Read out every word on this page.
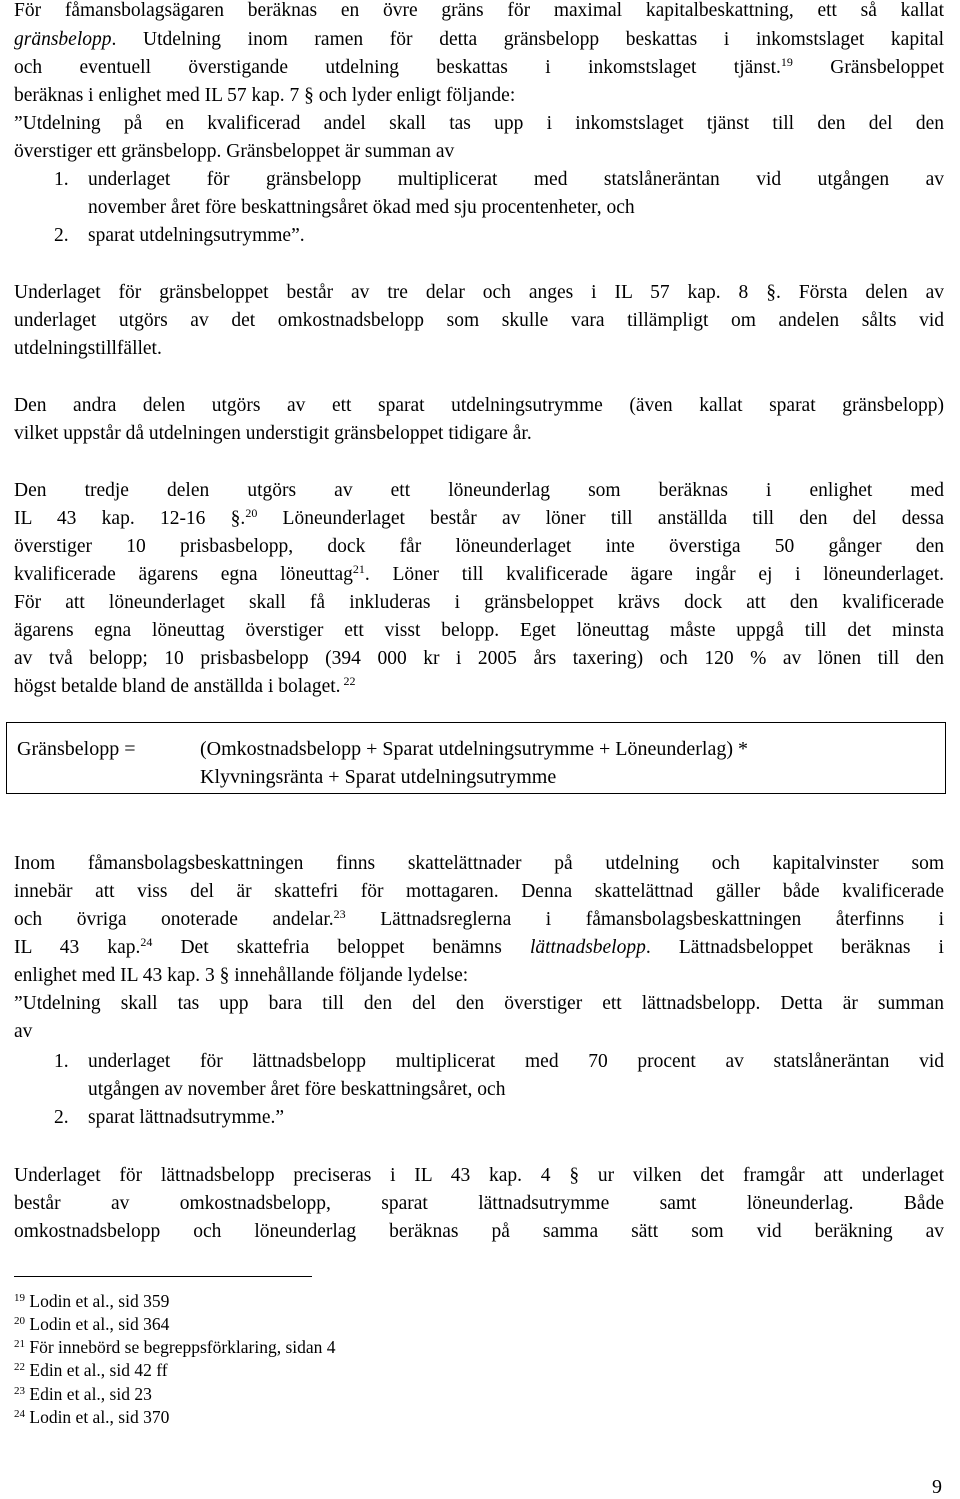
För fåmansbolagsägaren beräknas en övre gräns för maximal kapitalbeskattning, ett så kallat
gränsbelopp. Utdelning inom ramen för detta gränsbelopp beskattas i inkomstslaget kapital
och eventuell överstigande utdelning beskattas i inkomstslaget tjänst.$^{19}$ Gränsbeloppet
beräknas i enlighet med IL 57 kap. 7 § och lyder enligt följande:
”Utdelning på en kvalificerad andel skall tas upp i inkomstslaget tjänst till den del den
överstiger ett gränsbelopp. Gränsbeloppet är summan av
1. underlaget för gränsbelopp multiplicerat med statslåneräntan vid utgången av
november året före beskattningsåret ökad med sju procentenheter, och
2. sparat utdelningsutrymme”.
Underlaget för gränsbeloppet består av tre delar och anges i IL 57 kap. 8 §. Första delen av
underlaget utgörs av det omkostnadsbelopp som skulle vara tillämpligt om andelen sålts vid
utdelningstillfället.
Den andra delen utgörs av ett sparat utdelningsutrymme (även kallat sparat gränsbelopp)
vilket uppstår då utdelningen understigit gränsbeloppet tidigare år.
Den tredje delen utgörs av ett löneunderlag som beräknas i enlighet med
IL 43 kap. 12-16 §.$^{20}$ Löneunderlaget består av löner till anställda till den del dessa
överstiger 10 prisbasbelopp, dock får löneunderlaget inte överstiga 50 gånger den
kvalificerade ägarens egna löneuttag$^{21}$. Löner till kvalificerade ägare ingår ej i löneunderlaget.
För att löneunderlaget skall få inkluderas i gränsbeloppet krävs dock att den kvalificerade
ägarens egna löneuttag överstiger ett visst belopp. Eget löneuttag måste uppgå till det minsta
av två belopp; 10 prisbasbelopp (394 000 kr i 2005 års taxering) och 120 % av lönen till den
högst betalde bland de anställda i bolaget. $^{22}$
Gränsbelopp =	(Omkostnadsbelopp + Sparat utdelningsutrymme + Löneunderlag) *
Klyvningsränta + Sparat utdelningsutrymme
Inom fåmansbolagsbeskattningen finns skattelättnader på utdelning och kapitalvinster som
innebär att viss del är skattefri för mottagaren. Denna skattelättnad gäller både kvalificerade
och övriga onoterade andelar.$^{23}$ Lättnadsreglerna i fåmansbolagsbeskattningen återfinns i
IL 43 kap.$^{24}$ Det skattefria beloppet benämns lättnadsbelopp. Lättnadsbeloppet beräknas i
enlighet med IL 43 kap. 3 § innehållande följande lydelse:
”Utdelning skall tas upp bara till den del den överstiger ett lättnadsbelopp. Detta är summan
av
1. underlaget för lättnadsbelopp multiplicerat med 70 procent av statslåneräntan vid
utgången av november året före beskattningsåret, och
2. sparat lättnadsutrymme.”
Underlaget för lättnadsbelopp preciseras i IL 43 kap. 4 § ur vilken det framgår att underlaget
består av omkostnadsbelopp, sparat lättnadsutrymme samt löneunderlag. Både
omkostnadsbelopp och löneunderlag beräknas på samma sätt som vid beräkning av
$^{19}$ Lodin et al., sid 359
$^{20}$ Lodin et al., sid 364
$^{21}$ För innebörd se begreppsförklaring, sidan 4
$^{22}$ Edin et al., sid 42 ff
$^{23}$ Edin et al., sid 23
$^{24}$ Lodin et al., sid 370
9
